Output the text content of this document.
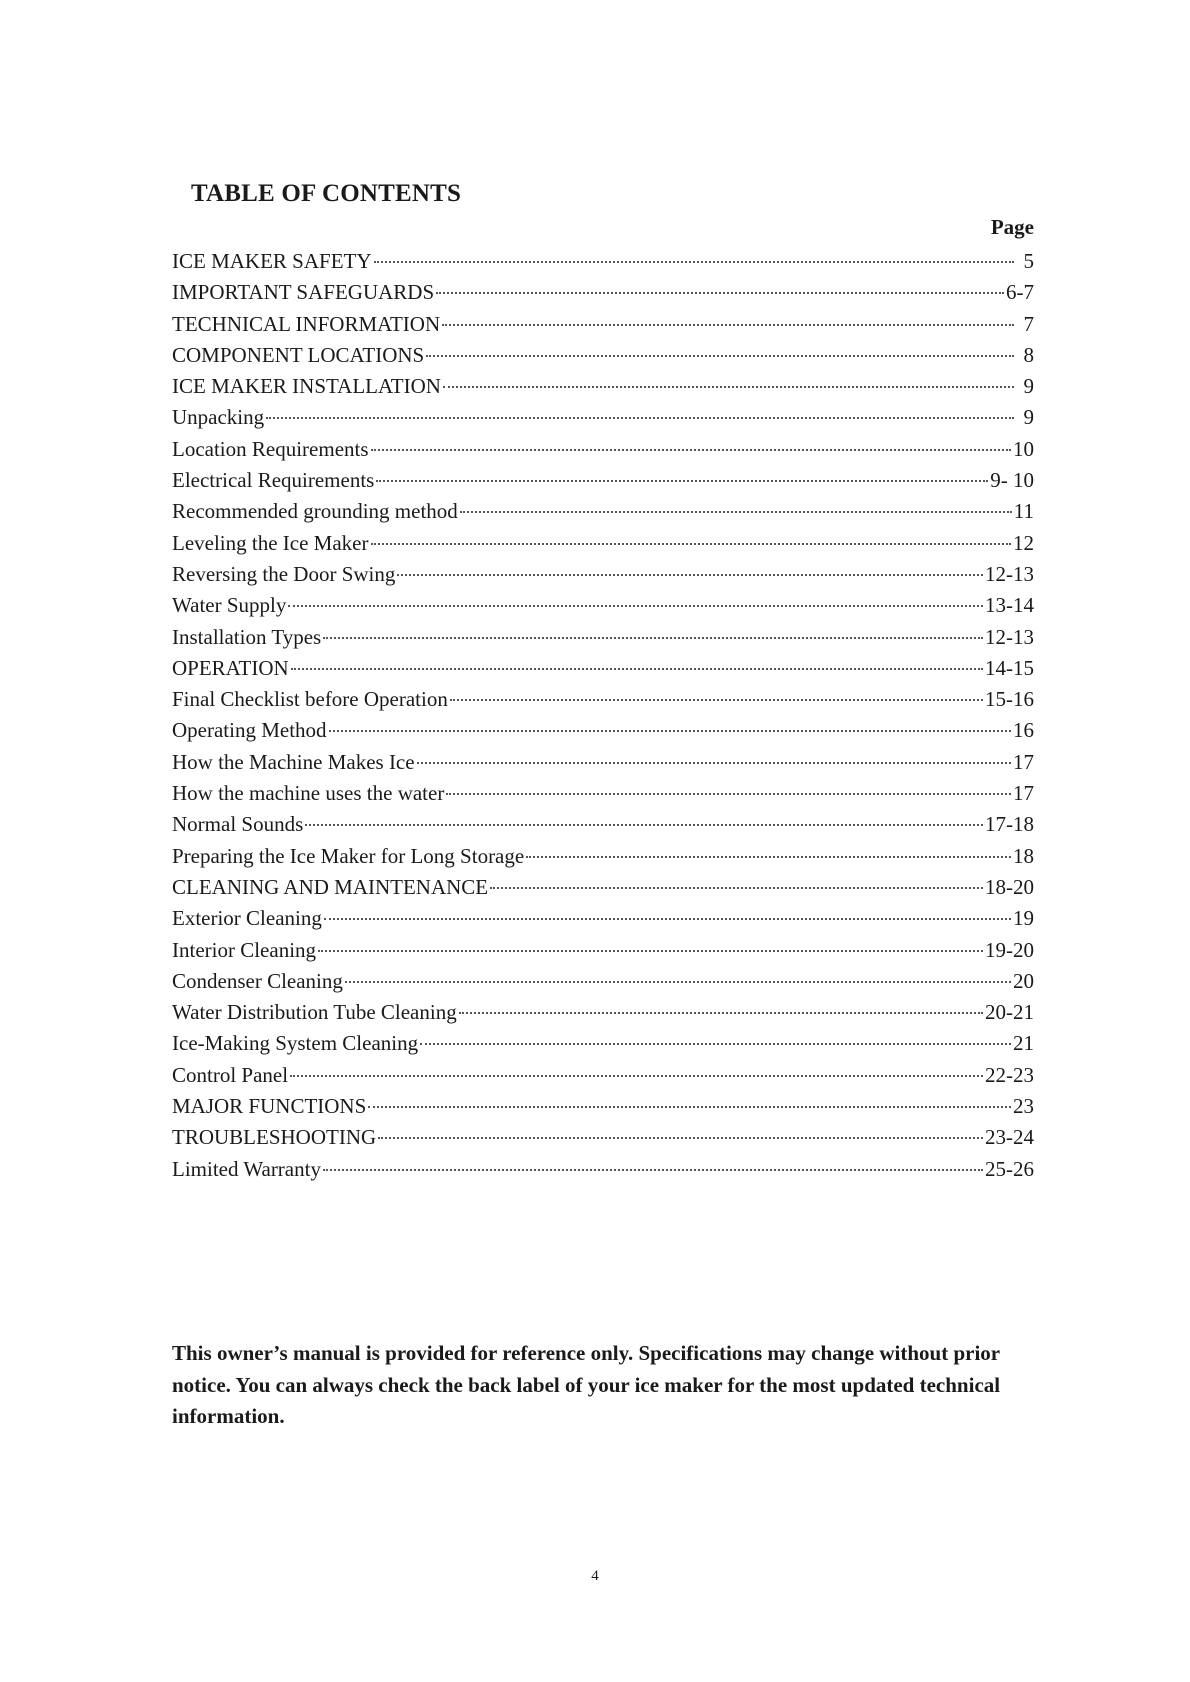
TABLE OF CONTENTS
Page
ICE MAKER SAFETY	5
IMPORTANT SAFEGUARDS	6-7
TECHNICAL INFORMATION	7
COMPONENT LOCATIONS	8
ICE MAKER INSTALLATION	9
Unpacking	9
Location Requirements	10
Electrical Requirements	9- 10
Recommended grounding method	11
Leveling the Ice Maker	12
Reversing the Door Swing	12-13
Water Supply	13-14
Installation Types	12-13
OPERATION	14-15
Final Checklist before Operation	15-16
Operating Method	16
How the Machine Makes Ice	17
How the machine uses the water	17
Normal Sounds	17-18
Preparing the Ice Maker for Long Storage	18
CLEANING AND MAINTENANCE	18-20
Exterior Cleaning	19
Interior Cleaning	19-20
Condenser Cleaning	20
Water Distribution Tube Cleaning	20-21
Ice-Making System Cleaning	21
Control Panel	22-23
MAJOR FUNCTIONS	23
TROUBLESHOOTING	23-24
Limited Warranty	25-26

This owner’s manual is provided for reference only. Specifications may change without prior notice. You can always check the back label of your ice maker for the most updated technical information.

4
